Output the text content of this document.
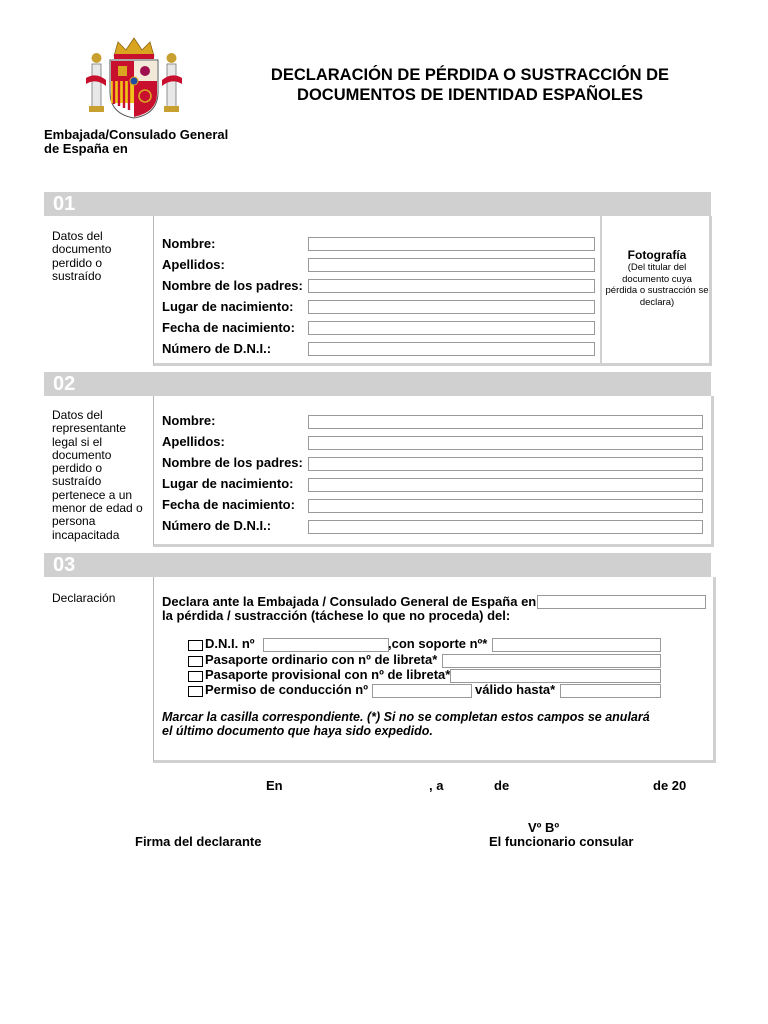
DECLARACIÓN DE PÉRDIDA O SUSTRACCIÓN DE
DOCUMENTOS DE IDENTIDAD ESPAÑOLES
Embajada/Consulado General
de España en
01
Datos del documento perdido o sustraído
Nombre:
Apellidos:
Nombre de los padres:
Lugar de nacimiento:
Fecha de nacimiento:
Número de D.N.I.:
Fotografía
(Del titular del documento cuya pérdida o sustracción se declara)
02
Datos del representante legal si el documento perdido o sustraído pertenece a un menor de edad o persona incapacitada
Nombre:
Apellidos:
Nombre de los padres:
Lugar de nacimiento:
Fecha de nacimiento:
Número de D.N.I.:
03
Declaración	Declara ante la Embajada / Consulado General de España en
la pérdida / sustracción (táchese lo que no proceda) del:
D.N.I. nº	,con soporte nº*
Pasaporte ordinario con nº de libreta*
Pasaporte provisional con nº de libreta*
Permiso de conducción nº	válido hasta*
Marcar la casilla correspondiente. (*) Si no se completan estos campos se anulará
el último documento que haya sido expedido.
En	, a	de	de 20
Vº Bº
Firma del declarante	El funcionario consular
